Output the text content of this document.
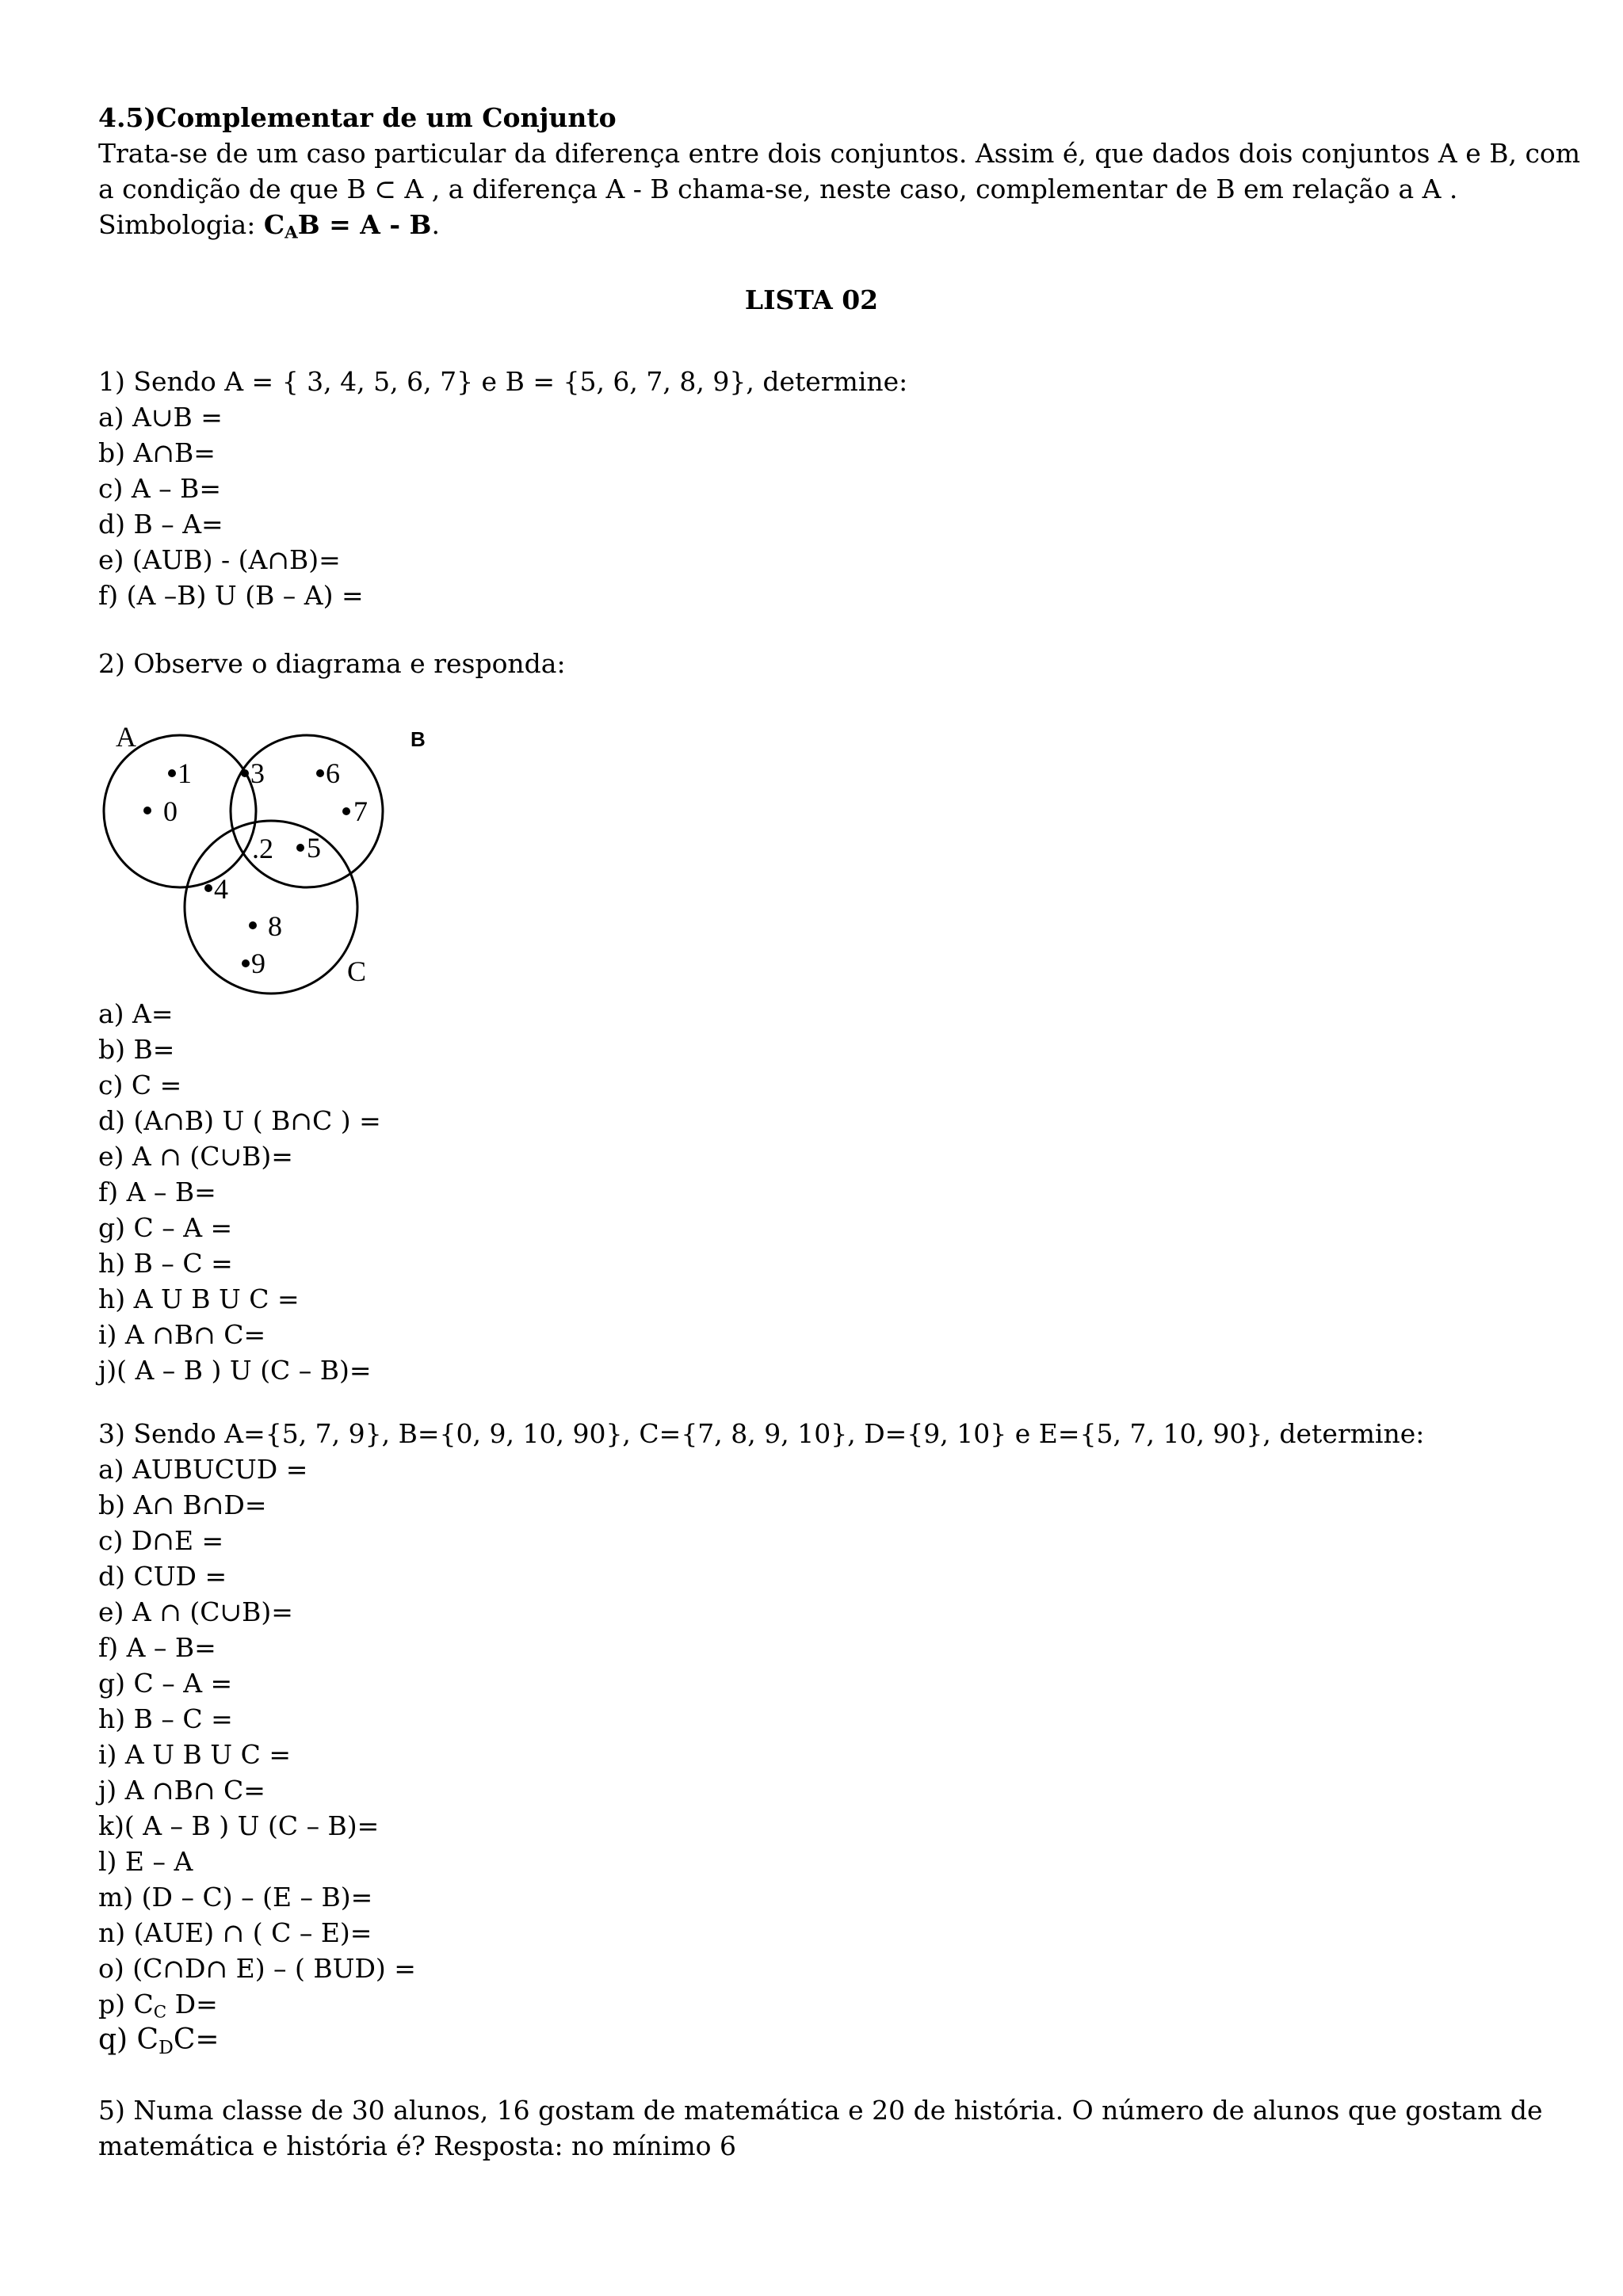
4.5)Complementar de um Conjunto
Trata-se de um caso particular da diferença entre dois conjuntos. Assim é, que dados dois conjuntos A e B, com
a condição de que B ⊂ A , a diferença A - B chama-se, neste caso, complementar de B em relação a A .
Simbologia: $C_AB = A - B$.
LISTA 02
1) Sendo A = { 3, 4, 5, 6, 7} e B = {5, 6, 7, 8, 9}, determine:
a) A∪B =
b) A∩B=
c) A – B=
d) B – A=
e) (AUB) - (A∩B)=
f) (A –B) U (B – A) =
2) Observe o diagrama e responda:
A	B
C
1
0
3 6
7
.2 5
4
8
9
a) A=
b) B=
c) C =
d) (A∩B) U ( B∩C ) =
e) A ∩ (C∪B)=
f) A – B=
g) C – A =
h) B – C =
h) A U B U C =
i) A ∩B∩ C=
j)( A – B ) U (C – B)=
3) Sendo A={5, 7, 9}, B={0, 9, 10, 90}, C={7, 8, 9, 10}, D={9, 10} e E={5, 7, 10, 90}, determine:
a) AUBUCUD =
b) A∩ B∩D=
c) D∩E =
d) CUD =
e) A ∩ (C∪B)=
f) A – B=
g) C – A =
h) B – C =
i) A U B U C =
j) A ∩B∩ C=
k)( A – B ) U (C – B)=
l) E – A
m) (D – C) – (E – B)=
n) (AUE) ∩ ( C – E)=
o) (C∩D∩ E) – ( BUD) =
p) $C_C$ D=
q) $C_DC=$
5) Numa classe de 30 alunos, 16 gostam de matemática e 20 de história. O número de alunos que gostam de
matemática e história é? Resposta: no mínimo 6
